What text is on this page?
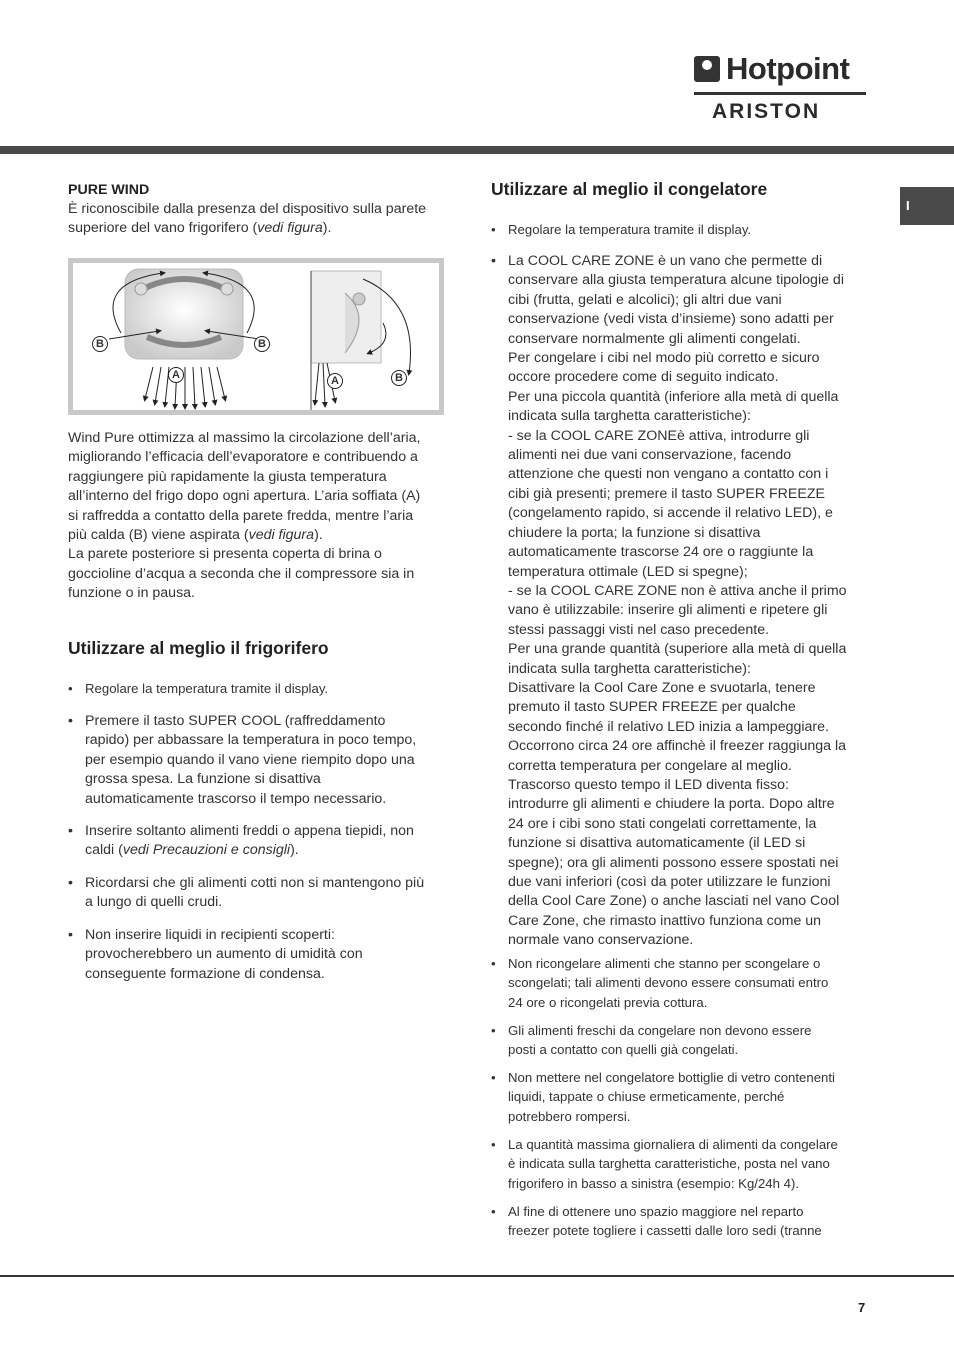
Hotpoint
ARISTON
I
PURE WIND
È riconoscibile dalla presenza del dispositivo sulla parete
superiore del vano frigorifero (vedi figura).
B	B
A	A	B
Wind Pure ottimizza al massimo la circolazione dell’aria,
migliorando l’efficacia dell’evaporatore e contribuendo a
raggiungere più rapidamente la giusta temperatura
all’interno del frigo dopo ogni apertura. L’aria soffiata (A)
si raffredda a contatto della parete fredda, mentre l’aria
più calda (B) viene aspirata (vedi figura).
La parete posteriore si presenta coperta di brina o
goccioline d’acqua a seconda che il compressore sia in
funzione o in pausa.
Utilizzare al meglio il frigorifero
• Regolare la temperatura tramite il display.
• Premere il tasto SUPER COOL (raffreddamento
rapido) per abbassare la temperatura in poco tempo,
per esempio quando il vano viene riempito dopo una
grossa spesa. La funzione si disattiva
automaticamente trascorso il tempo necessario.
• Inserire soltanto alimenti freddi o appena tiepidi, non
caldi (vedi Precauzioni e consigli).
• Ricordarsi che gli alimenti cotti non si mantengono più
a lungo di quelli crudi.
• Non inserire liquidi in recipienti scoperti:
provocherebbero un aumento di umidità con
conseguente formazione di condensa.
Utilizzare al meglio il congelatore
• Regolare la temperatura tramite il display.
• La COOL CARE ZONE è un vano che permette di
conservare alla giusta temperatura alcune tipologie di
cibi (frutta, gelati e alcolici); gli altri due vani
conservazione (vedi vista d’insieme) sono adatti per
conservare normalmente gli alimenti congelati.
Per congelare i cibi nel modo più corretto e sicuro
occore procedere come di seguito indicato.
Per una piccola quantità (inferiore alla metà di quella
indicata sulla targhetta caratteristiche):
- se la COOL CARE ZONEè attiva, introdurre gli
alimenti nei due vani conservazione, facendo
attenzione che questi non vengano a contatto con i
cibi già presenti; premere il tasto SUPER FREEZE
(congelamento rapido, si accende il relativo LED), e
chiudere la porta; la funzione si disattiva
automaticamente trascorse 24 ore o raggiunte la
temperatura ottimale (LED si spegne);
- se la COOL CARE ZONE non è attiva anche il primo
vano è utilizzabile: inserire gli alimenti e ripetere gli
stessi passaggi visti nel caso precedente.
Per una grande quantità (superiore alla metà di quella
indicata sulla targhetta caratteristiche):
Disattivare la Cool Care Zone e svuotarla, tenere
premuto il tasto SUPER FREEZE per qualche
secondo finché il relativo LED inizia a lampeggiare.
Occorrono circa 24 ore affinchè il freezer raggiunga la
corretta temperatura per congelare al meglio.
Trascorso questo tempo il LED diventa fisso:
introdurre gli alimenti e chiudere la porta. Dopo altre
24 ore i cibi sono stati congelati correttamente, la
funzione si disattiva automaticamente (il LED si
spegne); ora gli alimenti possono essere spostati nei
due vani inferiori (così da poter utilizzare le funzioni
della Cool Care Zone) o anche lasciati nel vano Cool
Care Zone, che rimasto inattivo funziona come un
normale vano conservazione.
• Non ricongelare alimenti che stanno per scongelare o
scongelati; tali alimenti devono essere consumati entro
24 ore o ricongelati previa cottura.
• Gli alimenti freschi da congelare non devono essere
posti a contatto con quelli già congelati.
• Non mettere nel congelatore bottiglie di vetro contenenti
liquidi, tappate o chiuse ermeticamente, perché
potrebbero rompersi.
• La quantità massima giornaliera di alimenti da congelare
è indicata sulla targhetta caratteristiche, posta nel vano
frigorifero in basso a sinistra (esempio: Kg/24h 4).
• Al fine di ottenere uno spazio maggiore nel reparto
freezer potete togliere i cassetti dalle loro sedi (tranne
7
